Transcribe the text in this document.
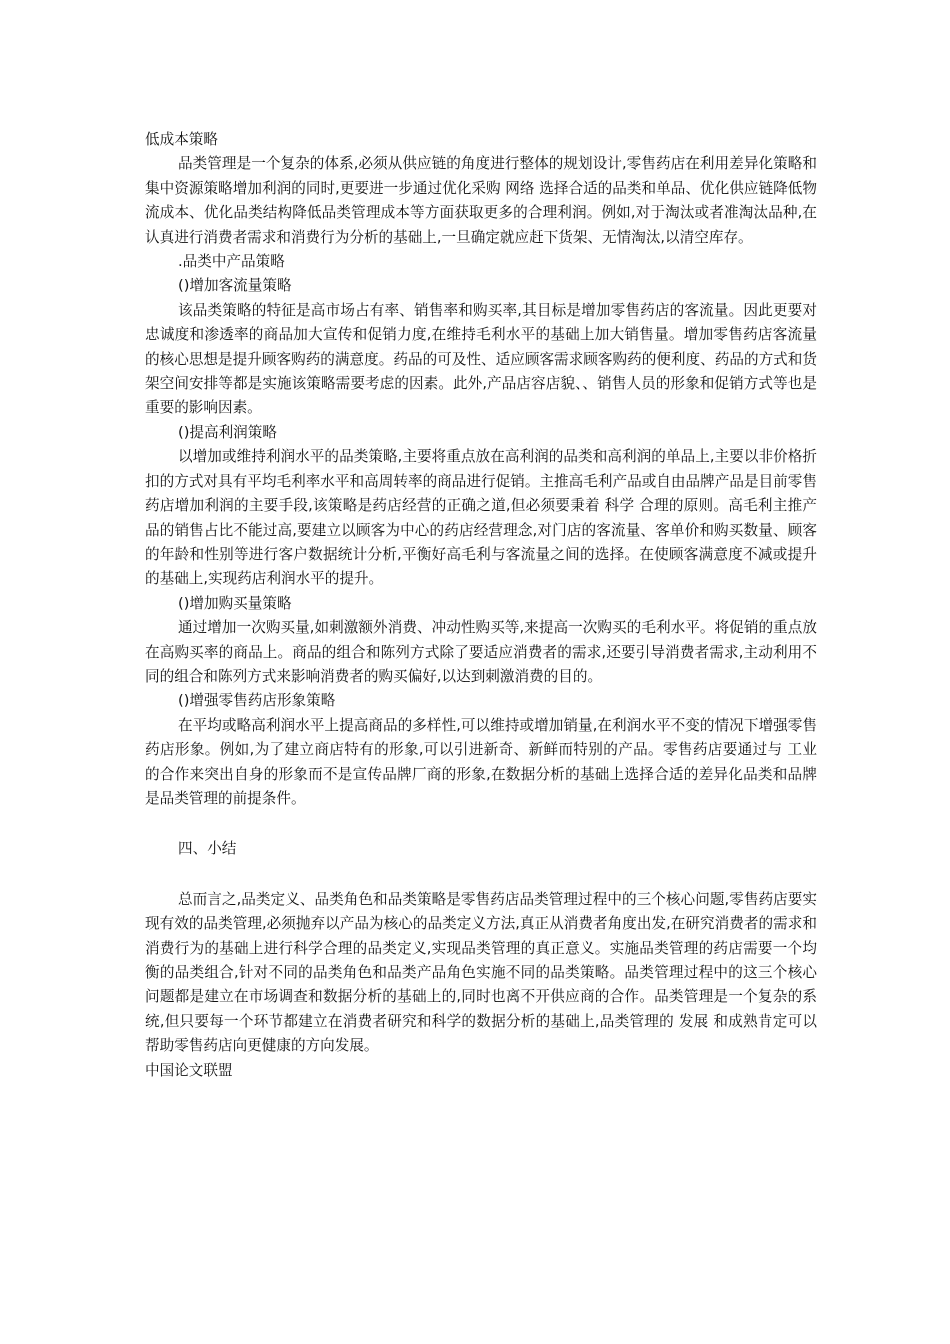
低成本策略

品类管理是一个复杂的体系,必须从供应链的角度进行整体的规划设计,零售药店在利用差异化策略和集中资源策略增加利润的同时,更要进一步通过优化采购 网络 选择合适的品类和单品、优化供应链降低物流成本、优化品类结构降低品类管理成本等方面获取更多的合理利润。例如,对于淘汰或者准淘汰品种,在认真进行消费者需求和消费行为分析的基础上,一旦确定就应赶下货架、无情淘汰,以清空库存。

.品类中产品策略

()增加客流量策略

该品类策略的特征是高市场占有率、销售率和购买率,其目标是增加零售药店的客流量。因此更要对忠诚度和渗透率的商品加大宣传和促销力度,在维持毛利水平的基础上加大销售量。增加零售药店客流量的核心思想是提升顾客购药的满意度。药品的可及性、适应顾客需求顾客购药的便利度、药品的方式和货架空间安排等都是实施该策略需要考虑的因素。此外,产品店容店貌、、销售人员的形象和促销方式等也是重要的影响因素。

()提高利润策略

以增加或维持利润水平的品类策略,主要将重点放在高利润的品类和高利润的单品上,主要以非价格折扣的方式对具有平均毛利率水平和高周转率的商品进行促销。主推高毛利产品或自由品牌产品是目前零售药店增加利润的主要手段,该策略是药店经营的正确之道,但必须要秉着 科学 合理的原则。高毛利主推产品的销售占比不能过高,要建立以顾客为中心的药店经营理念,对门店的客流量、客单价和购买数量、顾客的年龄和性别等进行客户数据统计分析,平衡好高毛利与客流量之间的选择。在使顾客满意度不减或提升的基础上,实现药店利润水平的提升。

()增加购买量策略

通过增加一次购买量,如刺激额外消费、冲动性购买等,来提高一次购买的毛利水平。将促销的重点放在高购买率的商品上。商品的组合和陈列方式除了要适应消费者的需求,还要引导消费者需求,主动利用不同的组合和陈列方式来影响消费者的购买偏好,以达到刺激消费的目的。

()增强零售药店形象策略

在平均或略高利润水平上提高商品的多样性,可以维持或增加销量,在利润水平不变的情况下增强零售药店形象。例如,为了建立商店特有的形象,可以引进新奇、新鲜而特别的产品。零售药店要通过与 工业 的合作来突出自身的形象而不是宣传品牌厂商的形象,在数据分析的基础上选择合适的差异化品类和品牌是品类管理的前提条件。

四、小结

总而言之,品类定义、品类角色和品类策略是零售药店品类管理过程中的三个核心问题,零售药店要实现有效的品类管理,必须抛弃以产品为核心的品类定义方法,真正从消费者角度出发,在研究消费者的需求和消费行为的基础上进行科学合理的品类定义,实现品类管理的真正意义。实施品类管理的药店需要一个均衡的品类组合,针对不同的品类角色和品类产品角色实施不同的品类策略。品类管理过程中的这三个核心问题都是建立在市场调查和数据分析的基础上的,同时也离不开供应商的合作。品类管理是一个复杂的系统,但只要每一个环节都建立在消费者研究和科学的数据分析的基础上,品类管理的 发展 和成熟肯定可以帮助零售药店向更健康的方向发展。

中国论文联盟
